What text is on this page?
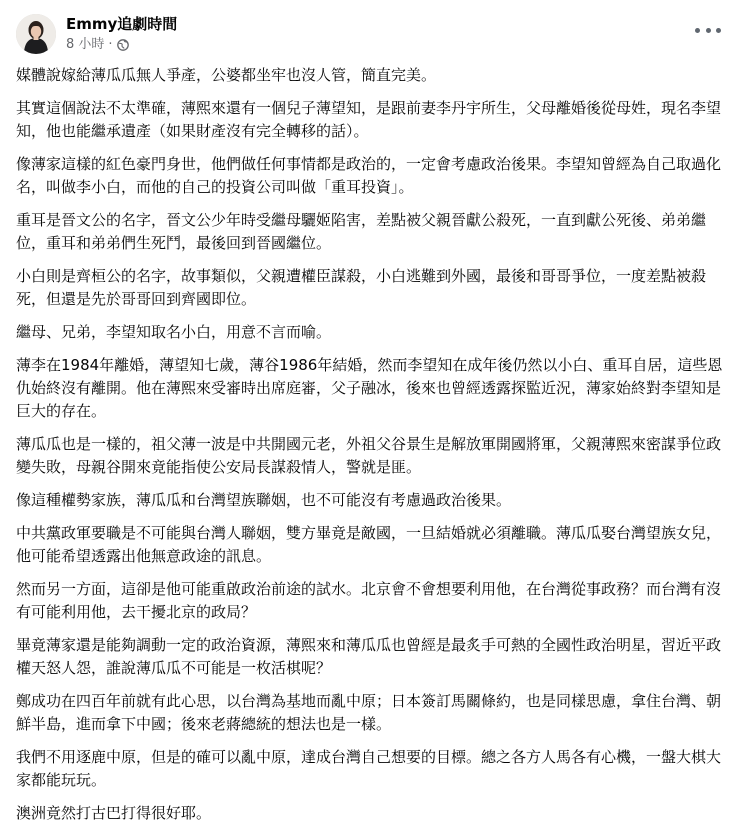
Emmy追劇時間
8 小時 ·

媒體說嫁給薄瓜瓜無人爭產，公婆都坐牢也沒人管，簡直完美。

其實這個說法不太準確，薄熙來還有一個兒子薄望知，是跟前妻李丹宇所生，父母離婚後從母姓，現名李望知，他也能繼承遺產（如果財產沒有完全轉移的話）。

像薄家這樣的紅色豪門身世，他們做任何事情都是政治的，一定會考慮政治後果。李望知曾經為自己取過化名，叫做李小白，而他的自己的投資公司叫做「重耳投資」。

重耳是晉文公的名字，晉文公少年時受繼母驪姬陷害，差點被父親晉獻公殺死，一直到獻公死後、弟弟繼位，重耳和弟弟們生死鬥，最後回到晉國繼位。

小白則是齊桓公的名字，故事類似，父親遭權臣謀殺，小白逃難到外國，最後和哥哥爭位，一度差點被殺死，但還是先於哥哥回到齊國即位。

繼母、兄弟，李望知取名小白，用意不言而喻。

薄李在1984年離婚，薄望知七歲，薄谷1986年結婚，然而李望知在成年後仍然以小白、重耳自居，這些恩仇始終沒有離開。他在薄熙來受審時出席庭審，父子融冰，後來也曾經透露探監近況，薄家始終對李望知是巨大的存在。

薄瓜瓜也是一樣的，祖父薄一波是中共開國元老，外祖父谷景生是解放軍開國將軍，父親薄熙來密謀爭位政變失敗，母親谷開來竟能指使公安局長謀殺情人，警就是匪。

像這種權勢家族，薄瓜瓜和台灣望族聯姻，也不可能沒有考慮過政治後果。

中共黨政軍要職是不可能與台灣人聯姻，雙方畢竟是敵國，一旦結婚就必須離職。薄瓜瓜娶台灣望族女兒，他可能希望透露出他無意政途的訊息。

然而另一方面，這卻是他可能重啟政治前途的試水。北京會不會想要利用他，在台灣從事政務？而台灣有沒有可能利用他，去干擾北京的政局？

畢竟薄家還是能夠調動一定的政治資源，薄熙來和薄瓜瓜也曾經是最炙手可熱的全國性政治明星，習近平政權天怒人怨，誰說薄瓜瓜不可能是一枚活棋呢？

鄭成功在四百年前就有此心思，以台灣為基地而亂中原；日本簽訂馬關條約，也是同樣思慮，拿住台灣、朝鮮半島，進而拿下中國；後來老蔣總統的想法也是一樣。

我們不用逐鹿中原，但是的確可以亂中原，達成台灣自己想要的目標。總之各方人馬各有心機，一盤大棋大家都能玩玩。

澳洲竟然打古巴打得很好耶。
